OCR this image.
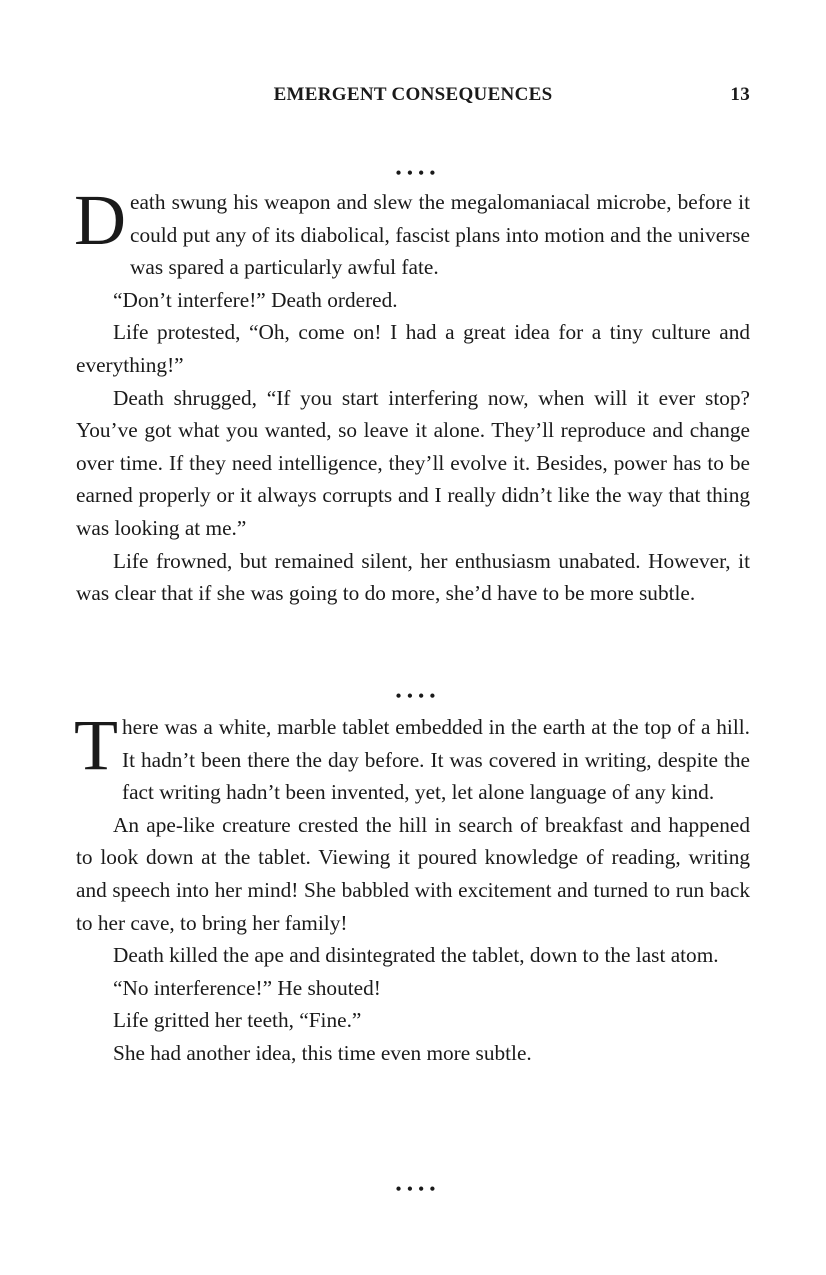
EMERGENT CONSEQUENCES	13
••••

Death swung his weapon and slew the megalomaniacal microbe, before it could put any of its diabolical, fascist plans into motion and the universe was spared a particularly awful fate.

“Don’t interfere!” Death ordered.

Life protested, “Oh, come on! I had a great idea for a tiny culture and everything!”

Death shrugged, “If you start interfering now, when will it ever stop? You’ve got what you wanted, so leave it alone. They’ll reproduce and change over time. If they need intelligence, they’ll evolve it. Besides, power has to be earned properly or it always corrupts and I really didn’t like the way that thing was looking at me.”

Life frowned, but remained silent, her enthusiasm unabated. However, it was clear that if she was going to do more, she’d have to be more subtle.

••••

There was a white, marble tablet embedded in the earth at the top of a hill. It hadn’t been there the day before. It was covered in writing, despite the fact writing hadn’t been invented, yet, let alone language of any kind.

An ape-like creature crested the hill in search of breakfast and happened to look down at the tablet. Viewing it poured knowledge of reading, writing and speech into her mind! She babbled with excitement and turned to run back to her cave, to bring her family!

Death killed the ape and disintegrated the tablet, down to the last atom.

“No interference!” He shouted!

Life gritted her teeth, “Fine.”

She had another idea, this time even more subtle.

••••
